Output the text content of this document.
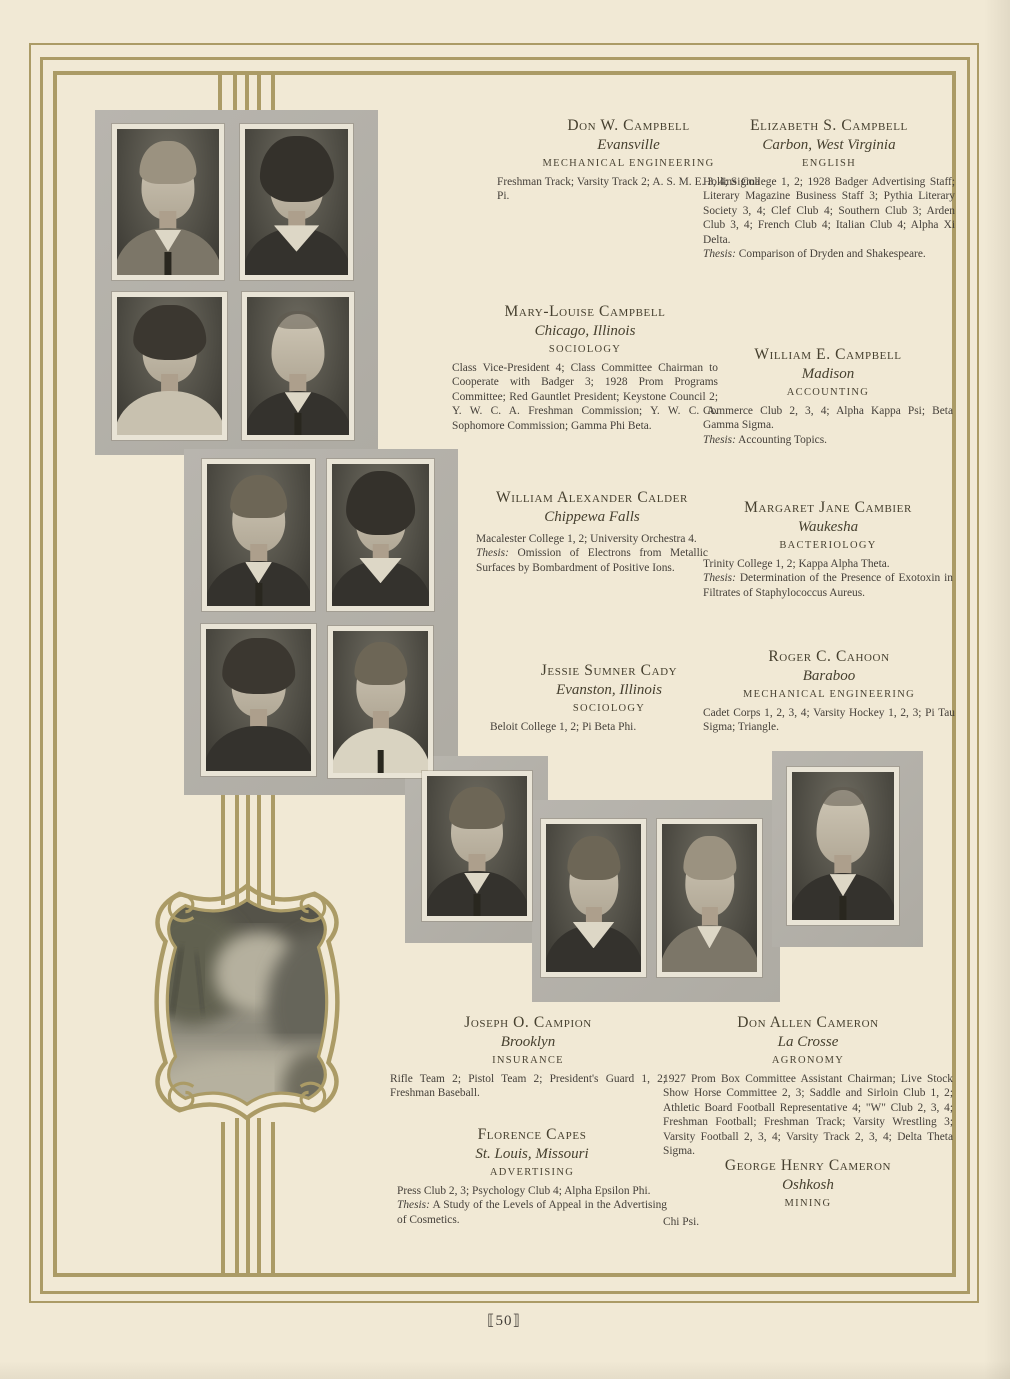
Don W. Campbell
Evansville
MECHANICAL ENGINEERING
Freshman Track; Varsity Track 2; A. S. M. E. 3, 4; Sigma Pi.
Elizabeth S. Campbell
Carbon, West Virginia
ENGLISH
Hollins College 1, 2; 1928 Badger Advertising Staff; Literary Magazine Business Staff 3; Pythia Literary Society 3, 4; Clef Club 4; Southern Club 3; Arden Club 3, 4; French Club 4; Italian Club 4; Alpha Xi Delta.
Thesis: Comparison of Dryden and Shakespeare.
Mary-Louise Campbell
Chicago, Illinois
SOCIOLOGY
Class Vice-President 4; Class Committee Chairman to Cooperate with Badger 3; 1928 Prom Programs Committee; Red Gauntlet President; Keystone Council 2; Y. W. C. A. Freshman Commission; Y. W. C. A. Sophomore Commission; Gamma Phi Beta.
William E. Campbell
Madison
ACCOUNTING
Commerce Club 2, 3, 4; Alpha Kappa Psi; Beta Gamma Sigma.
Thesis: Accounting Topics.
William Alexander Calder
Chippewa Falls
Macalester College 1, 2; University Orchestra 4.
Thesis: Omission of Electrons from Metallic Surfaces by Bombardment of Positive Ions.
Margaret Jane Cambier
Waukesha
BACTERIOLOGY
Trinity College 1, 2; Kappa Alpha Theta.
Thesis: Determination of the Presence of Exotoxin in Filtrates of Staphylococcus Aureus.
Jessie Sumner Cady
Evanston, Illinois
SOCIOLOGY
Beloit College 1, 2; Pi Beta Phi.
Roger C. Cahoon
Baraboo
MECHANICAL ENGINEERING
Cadet Corps 1, 2, 3, 4; Varsity Hockey 1, 2, 3; Pi Tau Sigma; Triangle.
Joseph O. Campion
Brooklyn
INSURANCE
Rifle Team 2; Pistol Team 2; President's Guard 1, 2; Freshman Baseball.
Don Allen Cameron
La Crosse
AGRONOMY
1927 Prom Box Committee Assistant Chairman; Live Stock Show Horse Committee 2, 3; Saddle and Sirloin Club 1, 2; Athletic Board Football Representative 4; "W" Club 2, 3, 4; Freshman Football; Freshman Track; Varsity Wrestling 3; Varsity Football 2, 3, 4; Varsity Track 2, 3, 4; Delta Theta Sigma.
Florence Capes
St. Louis, Missouri
ADVERTISING
Press Club 2, 3; Psychology Club 4; Alpha Epsilon Phi.
Thesis: A Study of the Levels of Appeal in the Advertising of Cosmetics.
George Henry Cameron
Oshkosh
MINING
Chi Psi.
⟦50⟧
